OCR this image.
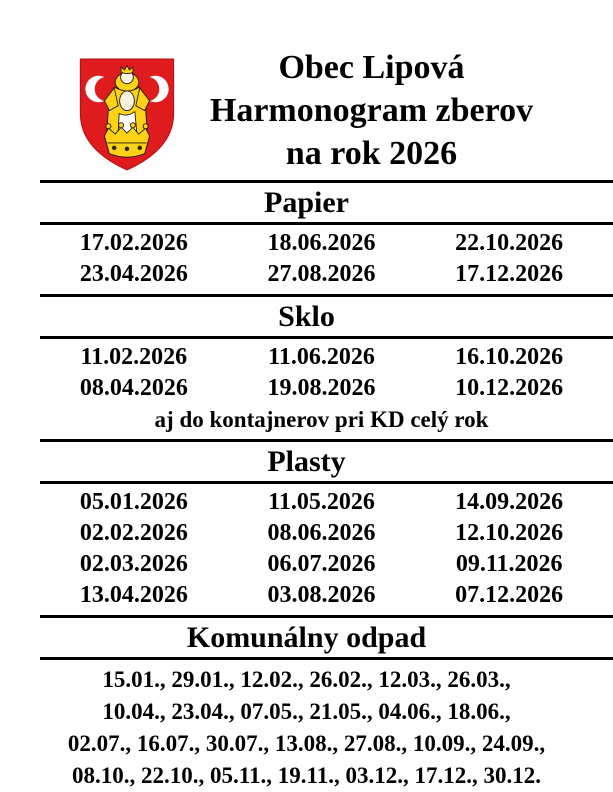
Obec Lipová
Harmonogram zberov
na rok 2026
Papier
17.02.2026	18.06.2026	22.10.2026
23.04.2026	27.08.2026	17.12.2026
Sklo
11.02.2026	11.06.2026	16.10.2026
08.04.2026	19.08.2026	10.12.2026
aj do kontajnerov pri KD celý rok
Plasty
05.01.2026	11.05.2026	14.09.2026
02.02.2026	08.06.2026	12.10.2026
02.03.2026	06.07.2026	09.11.2026
13.04.2026	03.08.2026	07.12.2026
Komunálny odpad
15.01., 29.01., 12.02., 26.02., 12.03., 26.03.,
10.04., 23.04., 07.05., 21.05., 04.06., 18.06.,
02.07., 16.07., 30.07., 13.08., 27.08., 10.09., 24.09.,
08.10., 22.10., 05.11., 19.11., 03.12., 17.12., 30.12.
